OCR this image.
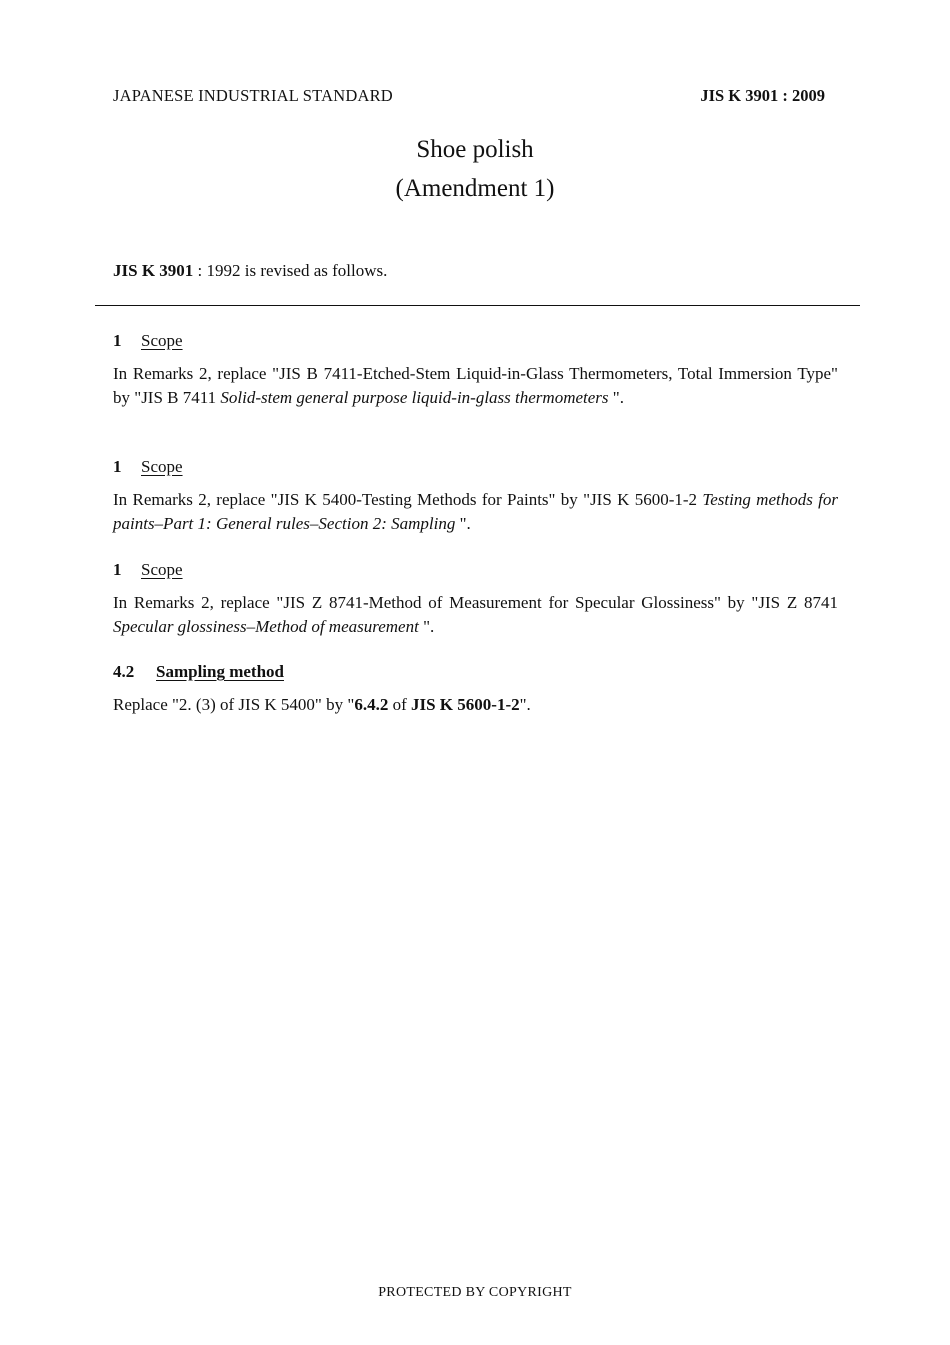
JAPANESE INDUSTRIAL STANDARD	JIS K 3901 : 2009
Shoe polish
(Amendment 1)
JIS K 3901 : 1992 is revised as follows.
1 Scope
In Remarks 2, replace "JIS B 7411-Etched-Stem Liquid-in-Glass Thermometers, Total Immersion Type" by "JIS B 7411 Solid-stem general purpose liquid-in-glass thermometers ".
1 Scope
In Remarks 2, replace "JIS K 5400-Testing Methods for Paints" by "JIS K 5600-1-2 Testing methods for paints–Part 1: General rules–Section 2: Sampling ".
1 Scope
In Remarks 2, replace "JIS Z 8741-Method of Measurement for Specular Glossiness" by "JIS Z 8741 Specular glossiness–Method of measurement ".
4.2 Sampling method
Replace "2. (3) of JIS K 5400" by "6.4.2 of JIS K 5600-1-2".
PROTECTED BY COPYRIGHT
